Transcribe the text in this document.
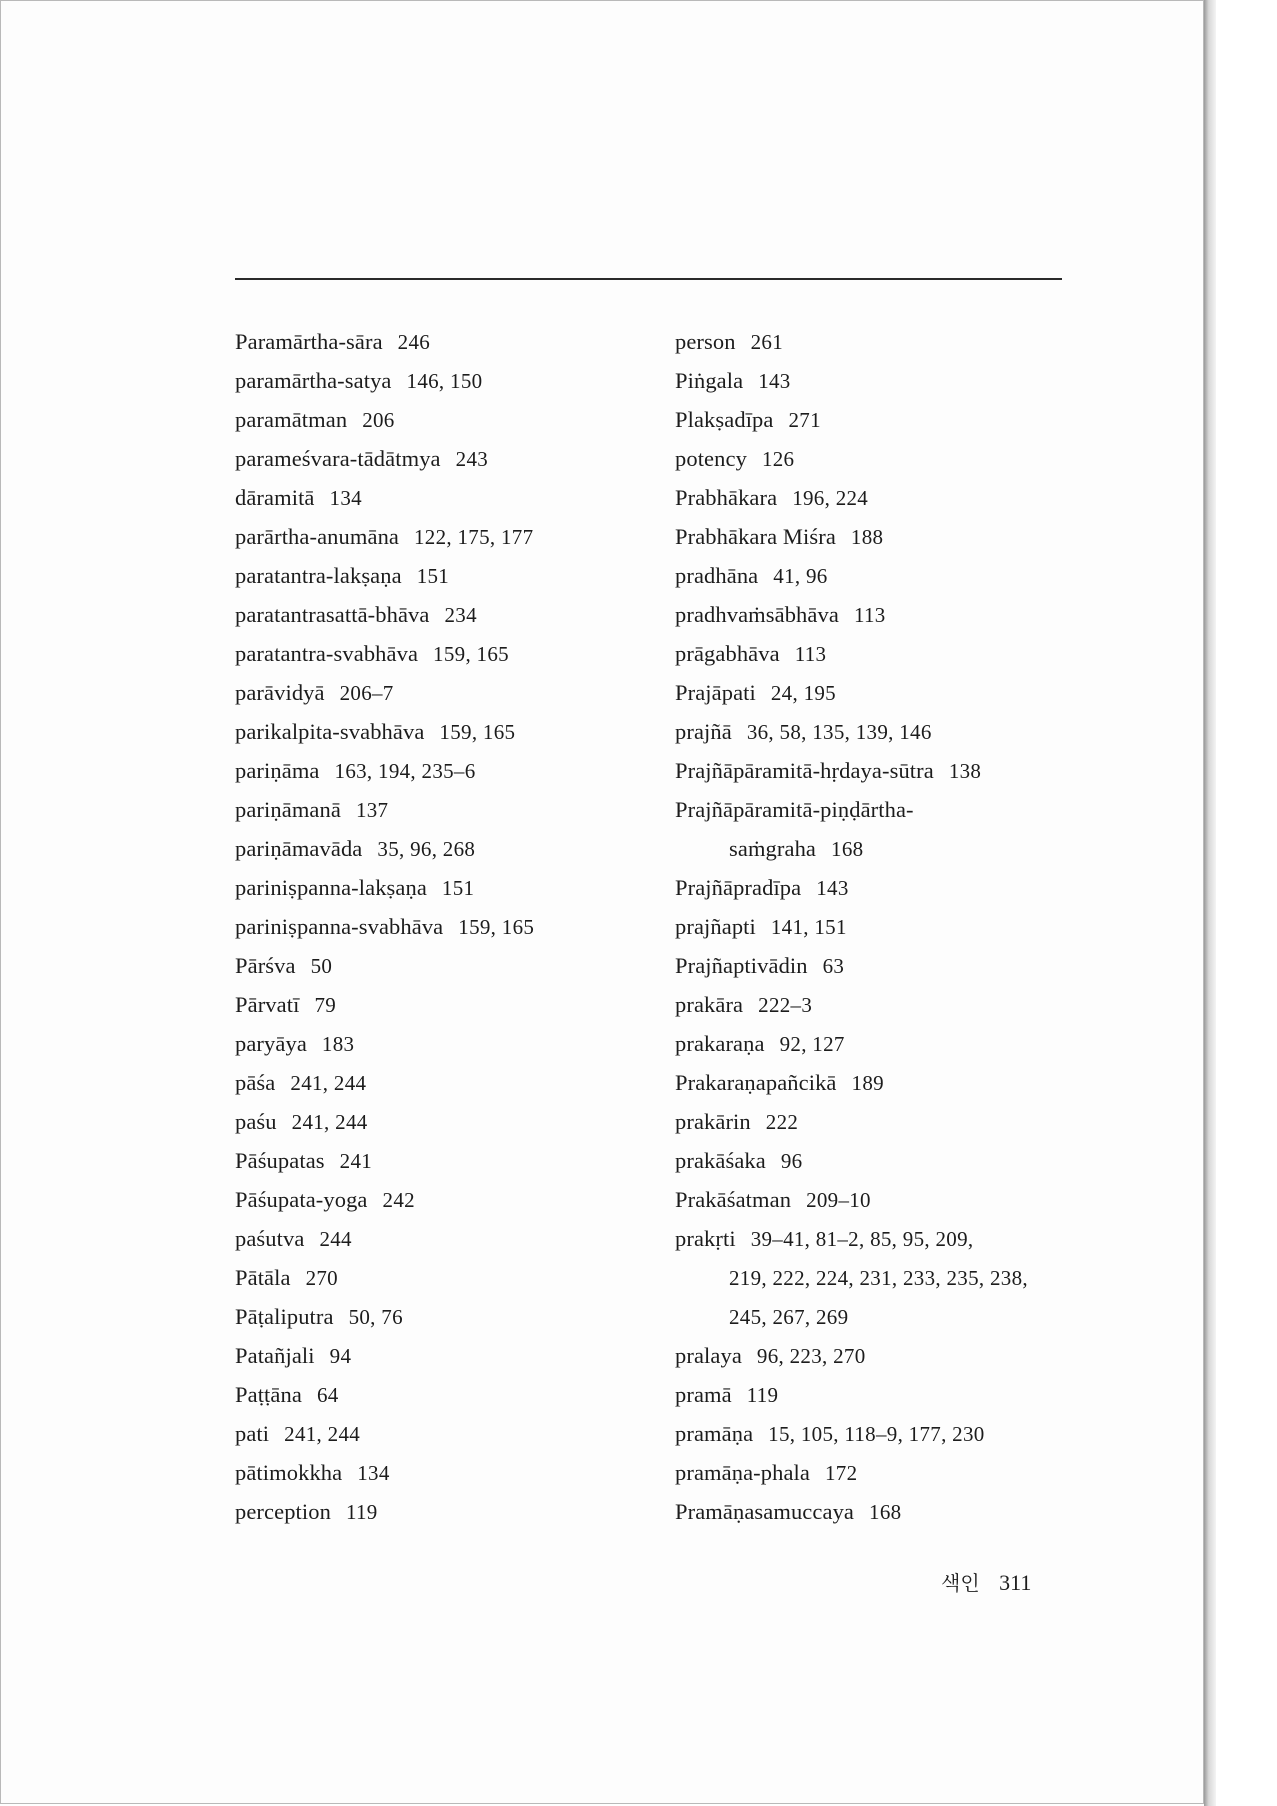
Paramārtha-sāra 246
paramārtha-satya 146, 150
paramātman 206
parameśvara-tādātmya 243
dāramitā 134
parārtha-anumāna 122, 175, 177
paratantra-lakṣaṇa 151
paratantrasattā-bhāva 234
paratantra-svabhāva 159, 165
parāvidyā 206–7
parikalpita-svabhāva 159, 165
pariṇāma 163, 194, 235–6
pariṇāmanā 137
pariṇāmavāda 35, 96, 268
pariniṣpanna-lakṣaṇa 151
pariniṣpanna-svabhāva 159, 165
Pārśva 50
Pārvatī 79
paryāya 183
pāśa 241, 244
paśu 241, 244
Pāśupatas 241
Pāśupata-yoga 242
paśutva 244
Pātāla 270
Pāṭaliputra 50, 76
Patañjali 94
Paṭṭāna 64
pati 241, 244
pātimokkha 134
perception 119
person 261
Piṅgala 143
Plakṣadīpa 271
potency 126
Prabhākara 196, 224
Prabhākara Miśra 188
pradhāna 41, 96
pradhvaṁsābhāva 113
prāgabhāva 113
Prajāpati 24, 195
prajñā 36, 58, 135, 139, 146
Prajñāpāramitā-hṛdaya-sūtra 138
Prajñāpāramitā-piṇḍārtha-
saṁgraha 168
Prajñāpradīpa 143
prajñapti 141, 151
Prajñaptivādin 63
prakāra 222–3
prakaraṇa 92, 127
Prakaraṇapañcikā 189
prakārin 222
prakāśaka 96
Prakāśatman 209–10
prakṛti 39–41, 81–2, 85, 95, 209,
219, 222, 224, 231, 233, 235, 238,
245, 267, 269
pralaya 96, 223, 270
pramā 119
pramāṇa 15, 105, 118–9, 177, 230
pramāṇa-phala 172
Pramāṇasamuccaya 168
색인 311
